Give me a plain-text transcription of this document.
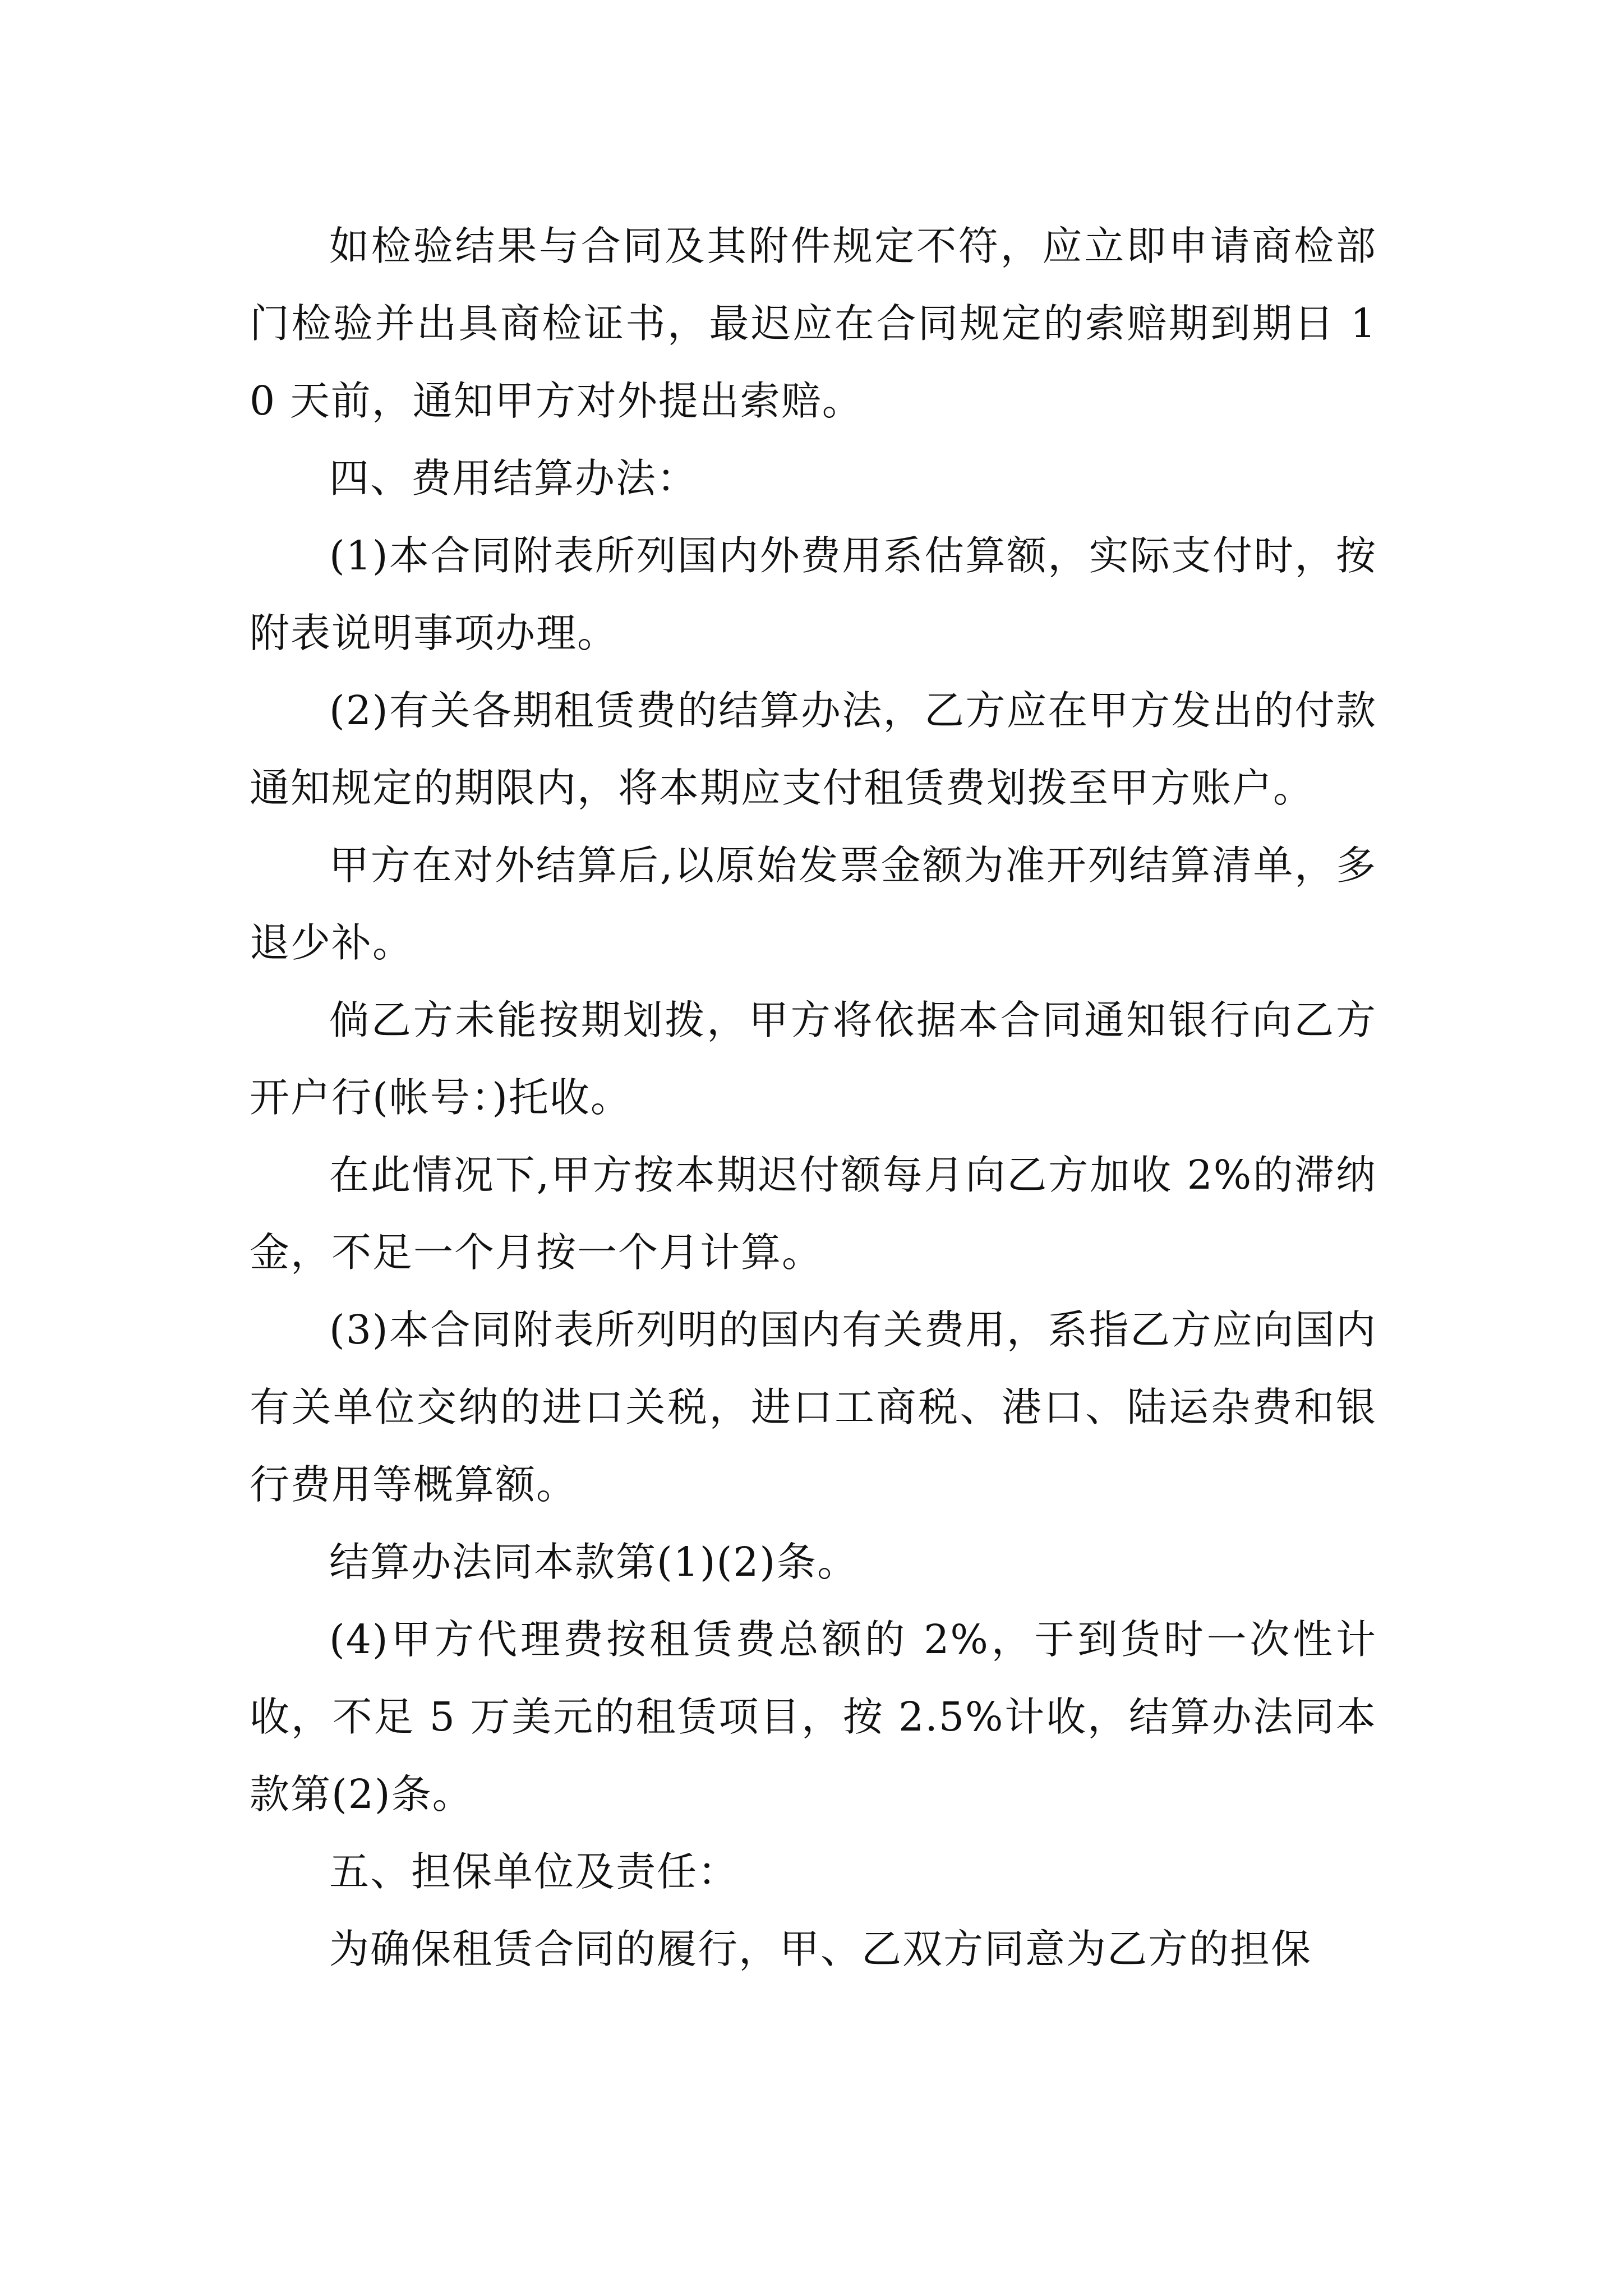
如检验结果与合同及其附件规定不符，应立即申请商检部门检验并出具商检证书，最迟应在合同规定的索赔期到期日 10 天前，通知甲方对外提出索赔。

四、费用结算办法：

(1)本合同附表所列国内外费用系估算额，实际支付时，按附表说明事项办理。

(2)有关各期租赁费的结算办法，乙方应在甲方发出的付款通知规定的期限内，将本期应支付租赁费划拨至甲方账户。

甲方在对外结算后,以原始发票金额为准开列结算清单，多退少补。

倘乙方未能按期划拨，甲方将依据本合同通知银行向乙方开户行(帐号：)托收。

在此情况下,甲方按本期迟付额每月向乙方加收 2%的滞纳金，不足一个月按一个月计算。

(3)本合同附表所列明的国内有关费用，系指乙方应向国内有关单位交纳的进口关税，进口工商税、港口、陆运杂费和银行费用等概算额。

结算办法同本款第(1)(2)条。

(4)甲方代理费按租赁费总额的 2%，于到货时一次性计收，不足 5 万美元的租赁项目，按 2.5%计收，结算办法同本款第(2)条。

五、担保单位及责任：

为确保租赁合同的履行，甲、乙双方同意为乙方的担保
